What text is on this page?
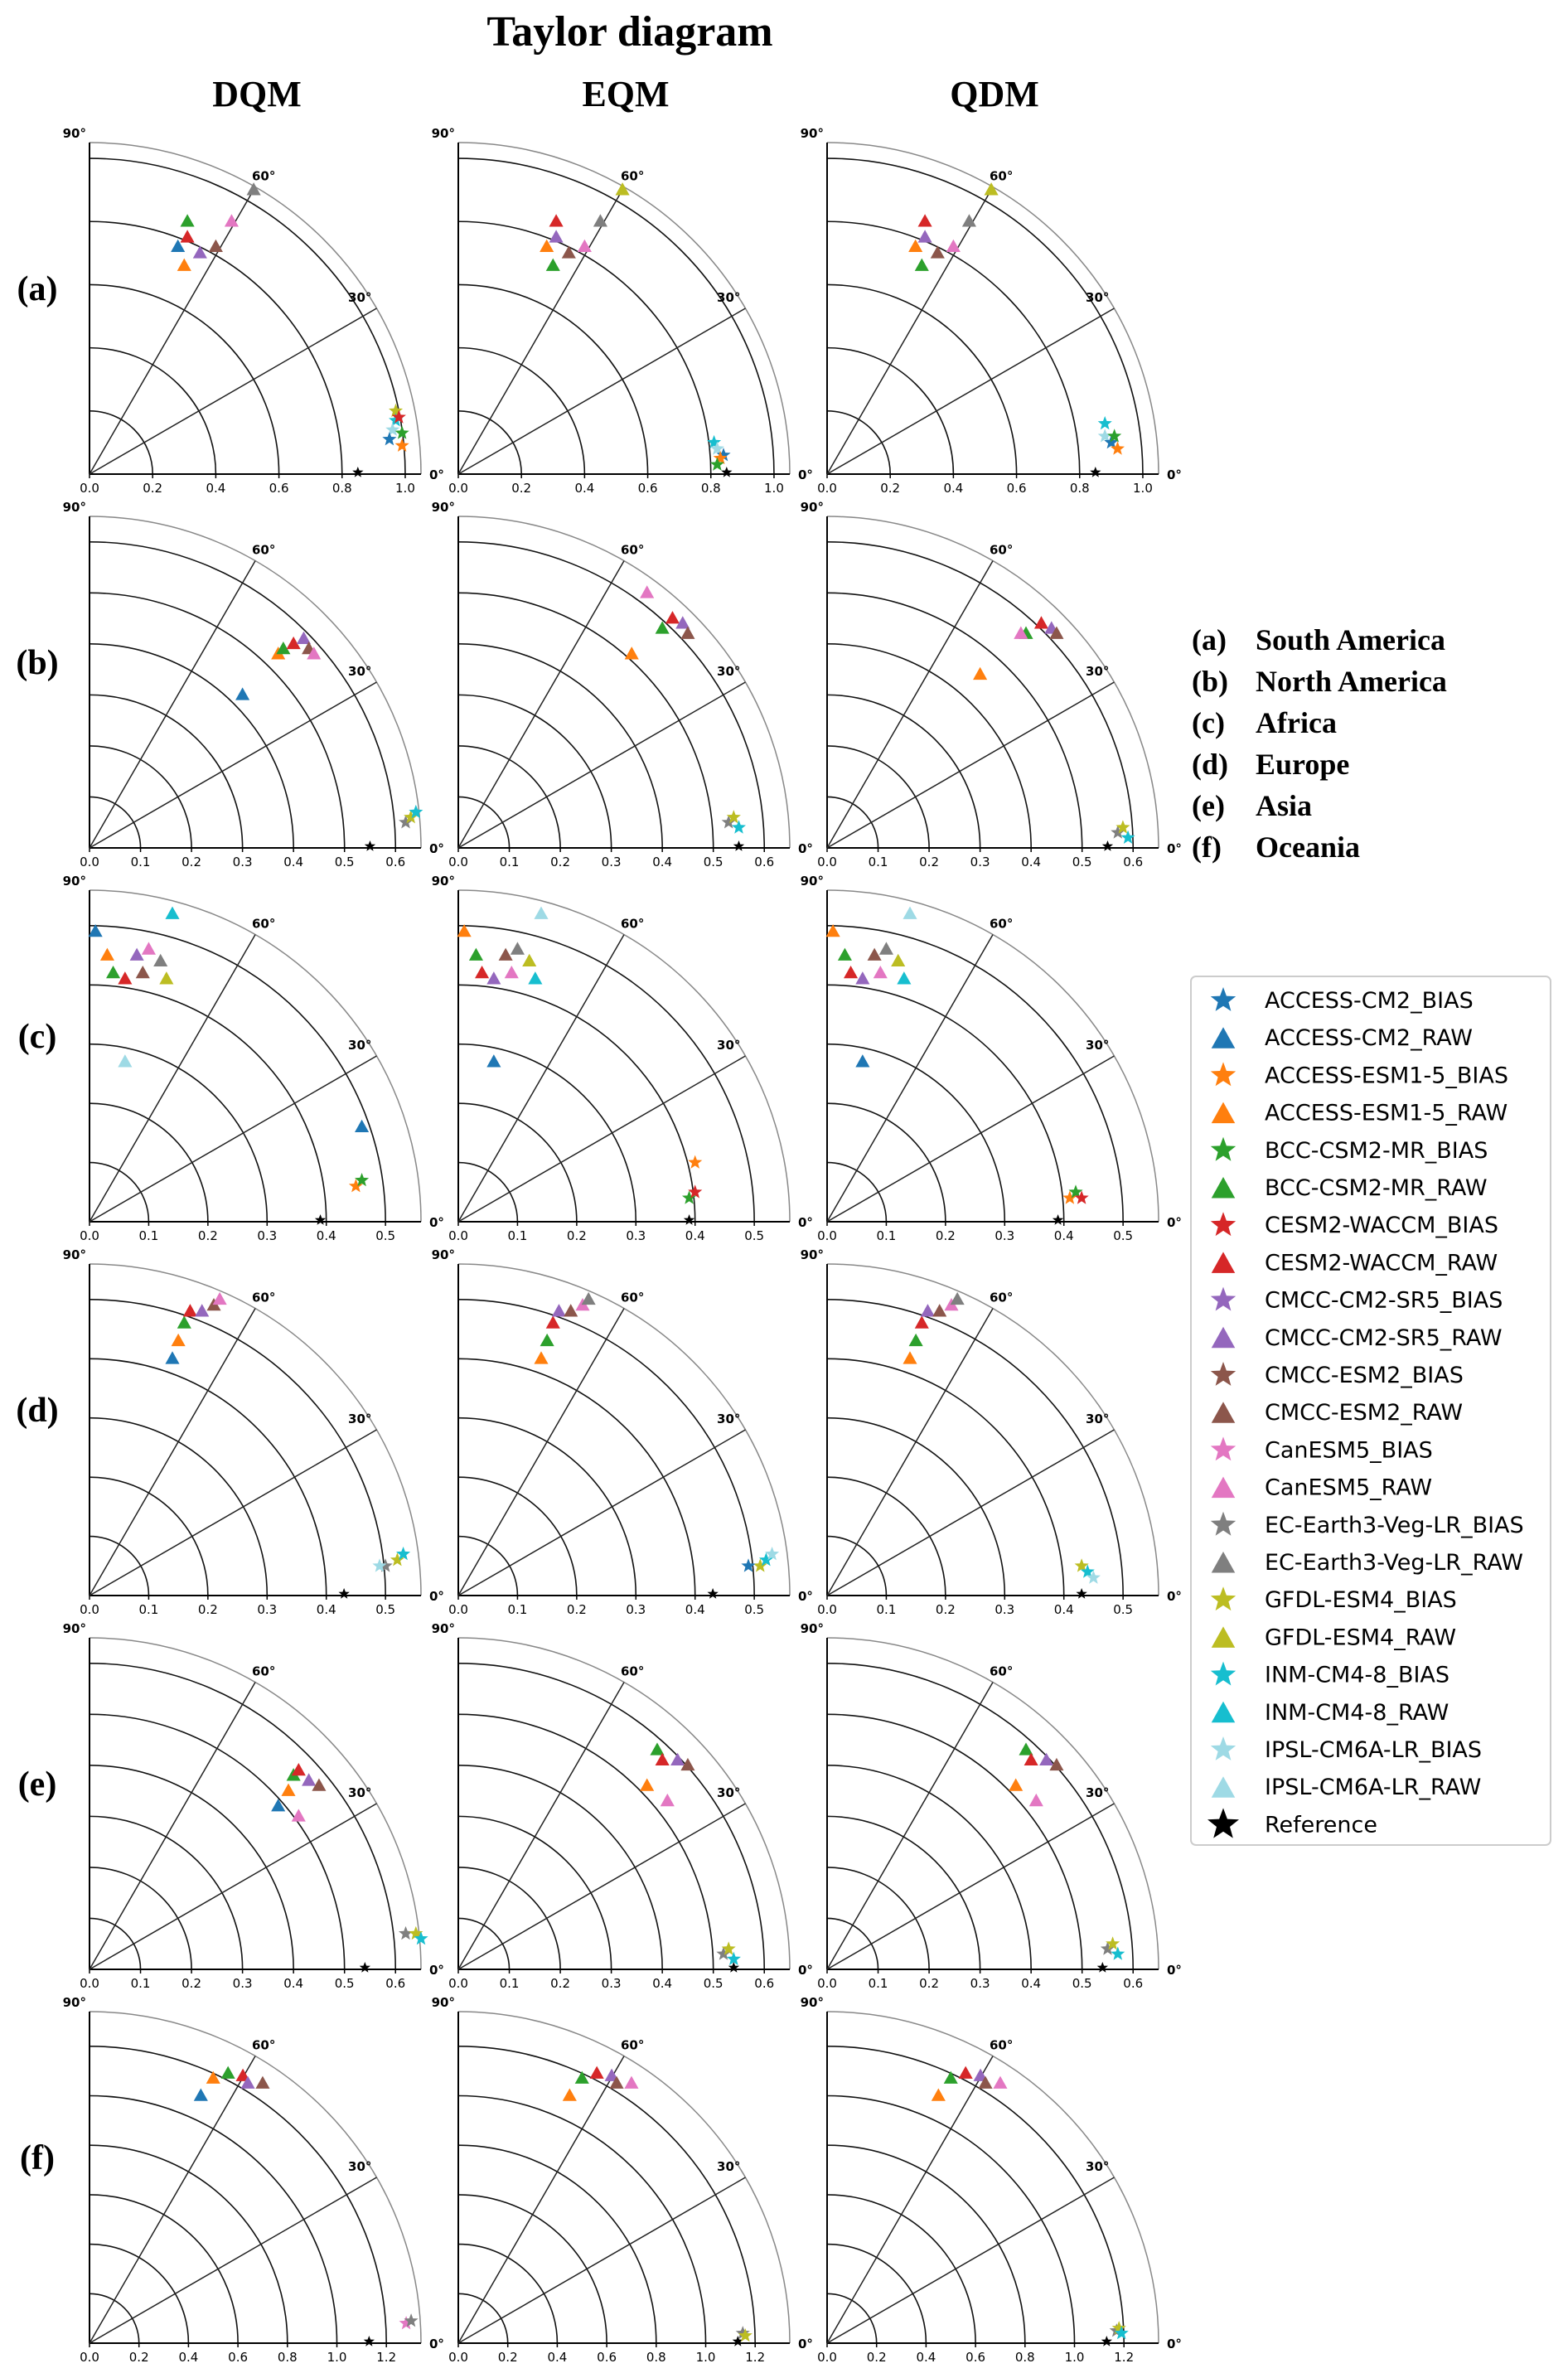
Taylor diagram
DQM	EQM	QDM
0.0	0.2	0.4	0.6	0.8	1.0
0°
30°
60°
90°
0.0	0.2	0.4	0.6	0.8	1.0
0°
30°
60°
90°
0.0	0.2	0.4	0.6	0.8	1.0
0°
30°
60°
90°
0.0	0.1	0.2	0.3	0.4	0.5	0.6
0°
30°
60°
90°
0.0	0.1	0.2	0.3	0.4	0.5	0.6
0°
30°
60°
90°
0.0	0.1	0.2	0.3	0.4	0.5	0.6
0°
30°
60°
90°
0.0	0.1	0.2	0.3	0.4	0.5
0°
30°
60°
90°
0.0	0.1	0.2	0.3	0.4	0.5
0°
30°
60°
90°
0.0	0.1	0.2	0.3	0.4	0.5
0°
30°
60°
90°
0.0	0.1	0.2	0.3	0.4	0.5
0°
30°
60°
90°
0.0	0.1	0.2	0.3	0.4	0.5
0°
30°
60°
90°
0.0	0.1	0.2	0.3	0.4	0.5
0°
30°
60°
90°
0.0	0.1	0.2	0.3	0.4	0.5	0.6
0°
30°
60°
90°
0.0	0.1	0.2	0.3	0.4	0.5	0.6
0°
30°
60°
90°
0.0	0.1	0.2	0.3	0.4	0.5	0.6
0°
30°
60°
90°
0.0 0.2 0.4 0.6 0.8 1.0 1.2
0°
30°
60°
90°
0.0 0.2 0.4 0.6 0.8 1.0 1.2
0°
30°
60°
90°
0.0 0.2 0.4 0.6 0.8 1.0 1.2
0°
30°
60°
90°
(a)
(b)
(c)
(d)
(e)
(f)
(a) South America
(b) North America
(c) Africa
(d) Europe
(e) Asia
(f) Oceania
ACCESS-CM2_BIAS
ACCESS-CM2_RAW
ACCESS-ESM1-5_BIAS
ACCESS-ESM1-5_RAW
BCC-CSM2-MR_BIAS
BCC-CSM2-MR_RAW
CESM2-WACCM_BIAS
CESM2-WACCM_RAW
CMCC-CM2-SR5_BIAS
CMCC-CM2-SR5_RAW
CMCC-ESM2_BIAS
CMCC-ESM2_RAW
CanESM5_BIAS
CanESM5_RAW
EC-Earth3-Veg-LR_BIAS
EC-Earth3-Veg-LR_RAW
GFDL-ESM4_BIAS
GFDL-ESM4_RAW
INM-CM4-8_BIAS
INM-CM4-8_RAW
IPSL-CM6A-LR_BIAS
IPSL-CM6A-LR_RAW
Reference
